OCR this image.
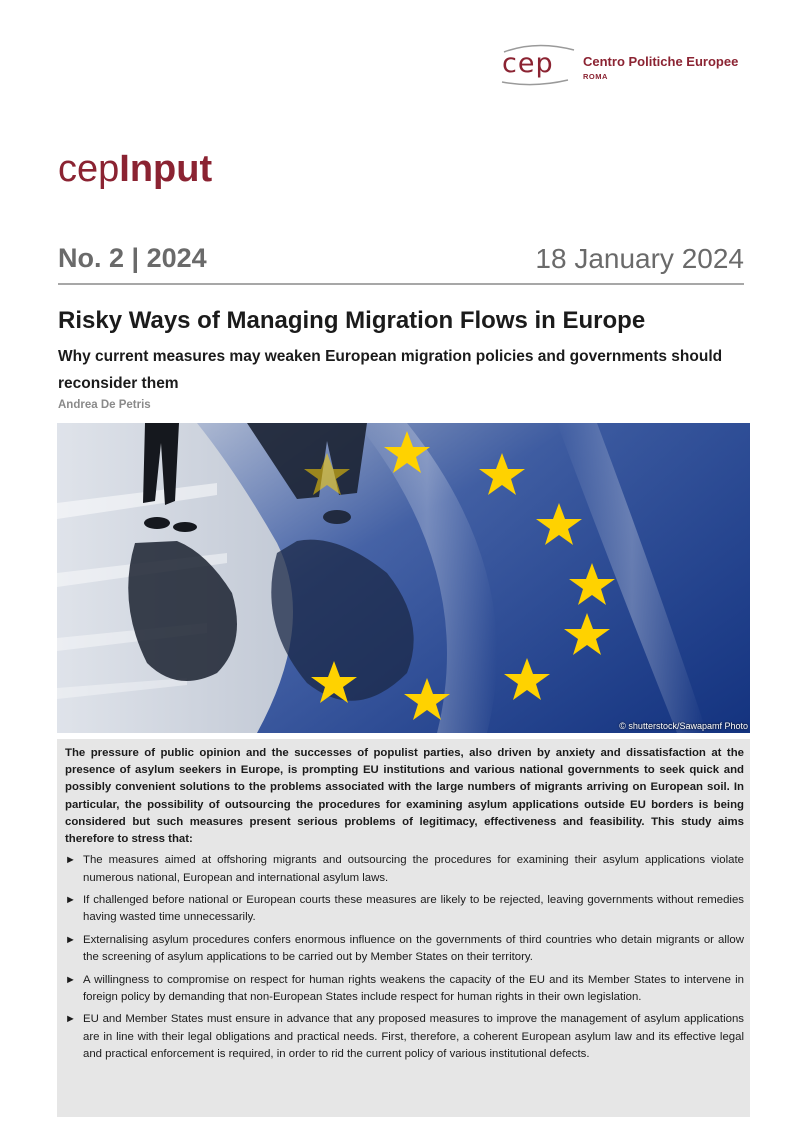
cep Centro Politiche Europee
ROMA
cepInput
No. 2 | 2024	18 January 2024
Risky Ways of Managing Migration Flows in Europe
Why current measures may weaken European migration policies and governments should reconsider them
Andrea De Petris
© shutterstock/Sawapamf Photo

The pressure of public opinion and the successes of populist parties, also driven by anxiety and dissatisfaction at the presence of asylum seekers in Europe, is prompting EU institutions and various national governments to seek quick and possibly convenient solutions to the problems associated with the large numbers of migrants arriving on European soil. In particular, the possibility of outsourcing the procedures for examining asylum applications outside EU borders is being considered but such measures present serious problems of legitimacy, effectiveness and feasibility. This study aims therefore to stress that:

► The measures aimed at offshoring migrants and outsourcing the procedures for examining their asylum applications violate numerous national, European and international asylum laws.
► If challenged before national or European courts these measures are likely to be rejected, leaving governments without remedies having wasted time unnecessarily.
► Externalising asylum procedures confers enormous influence on the governments of third countries who detain migrants or allow the screening of asylum applications to be carried out by Member States on their territory.
► A willingness to compromise on respect for human rights weakens the capacity of the EU and its Member States to intervene in foreign policy by demanding that non-European States include respect for human rights in their own legislation.
► EU and Member States must ensure in advance that any proposed measures to improve the management of asylum applications are in line with their legal obligations and practical needs. First, therefore, a coherent European asylum law and its effective legal and practical enforcement is required, in order to rid the current policy of various institutional defects.
